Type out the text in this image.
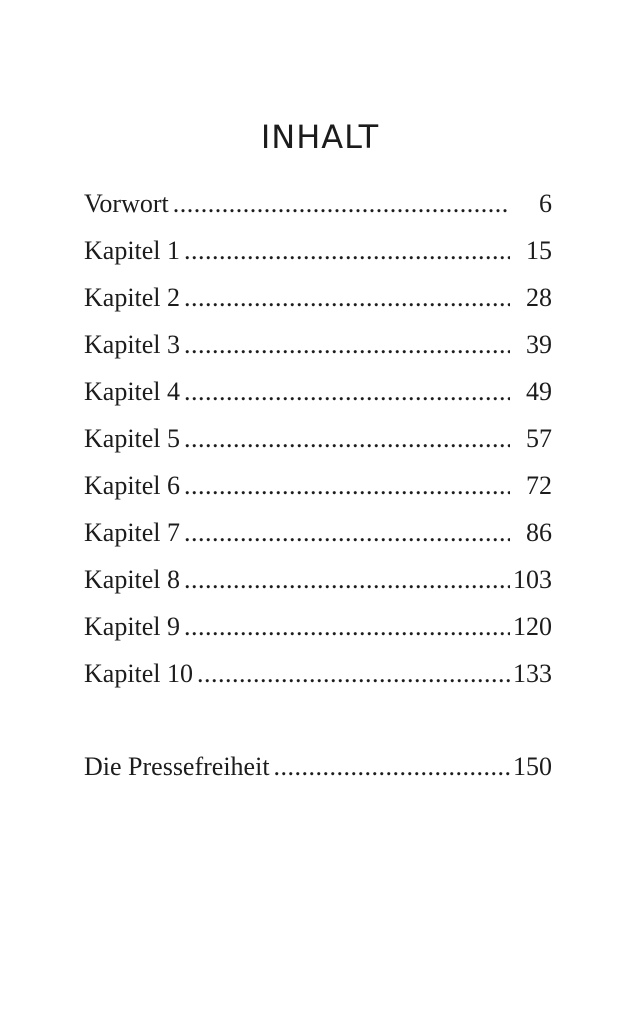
INHALT
Vorwort .....	6
Kapitel 1 .....	15
Kapitel 2 .....	28
Kapitel 3 .....	39
Kapitel 4 .....	49
Kapitel 5 .....	57
Kapitel 6 .....	72
Kapitel 7 .....	86
Kapitel 8 .....	103
Kapitel 9 .....	120
Kapitel 10 .....	133
Die Pressefreiheit .....	150
